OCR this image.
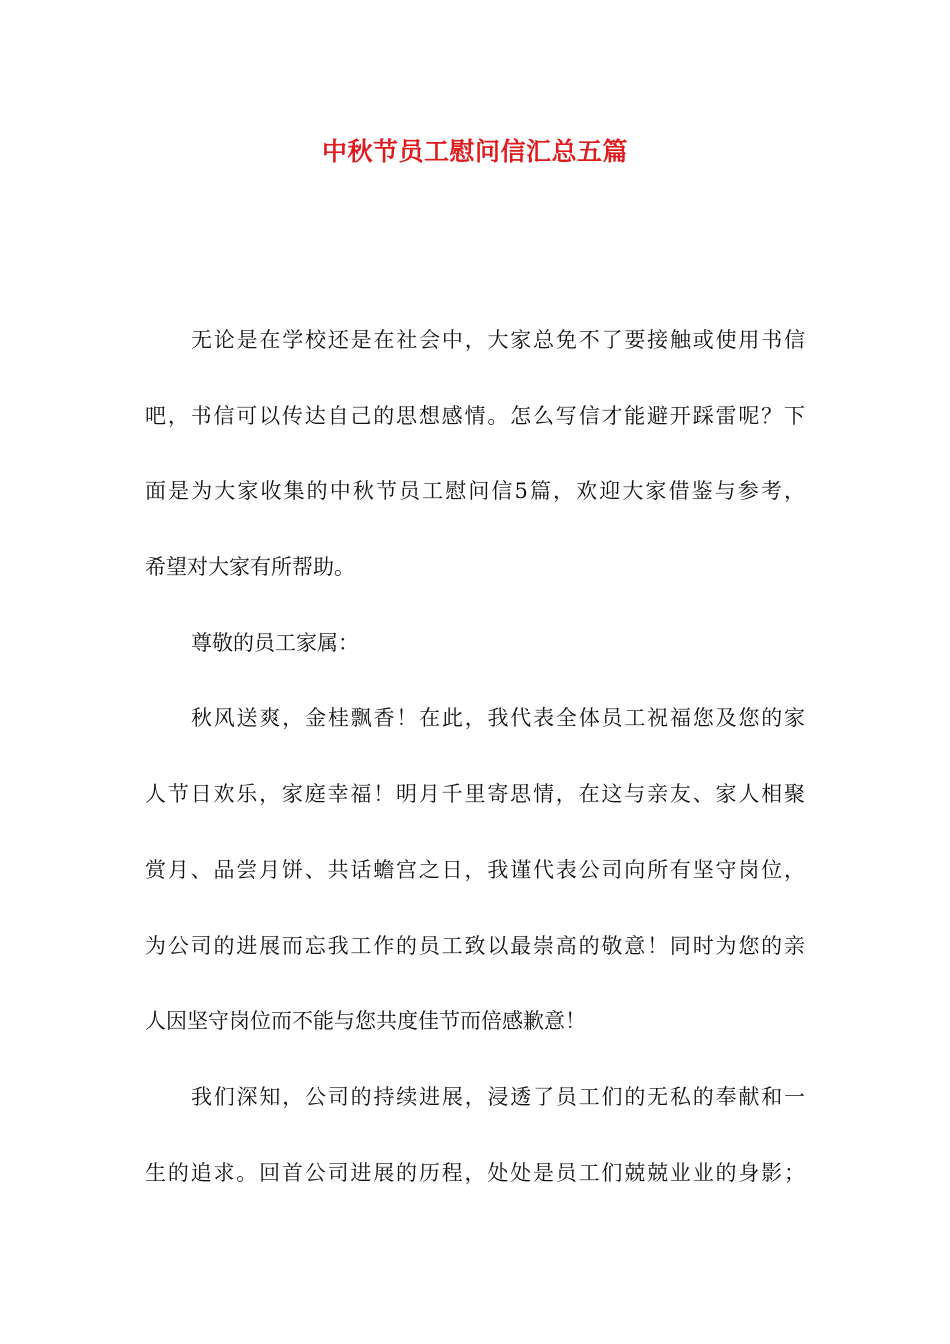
中秋节员工慰问信汇总五篇
无论是在学校还是在社会中，大家总免不了要接触或使用书信
吧，书信可以传达自己的思想感情。怎么写信才能避开踩雷呢？下
面是为大家收集的中秋节员工慰问信5篇，欢迎大家借鉴与参考，
希望对大家有所帮助。
尊敬的员工家属：
秋风送爽，金桂飘香！在此，我代表全体员工祝福您及您的家
人节日欢乐，家庭幸福！明月千里寄思情，在这与亲友、家人相聚
赏月、品尝月饼、共话蟾宫之日，我谨代表公司向所有坚守岗位，
为公司的进展而忘我工作的员工致以最崇高的敬意！同时为您的亲
人因坚守岗位而不能与您共度佳节而倍感歉意！
我们深知，公司的持续进展，浸透了员工们的无私的奉献和一
生的追求。回首公司进展的历程，处处是员工们兢兢业业的身影；
